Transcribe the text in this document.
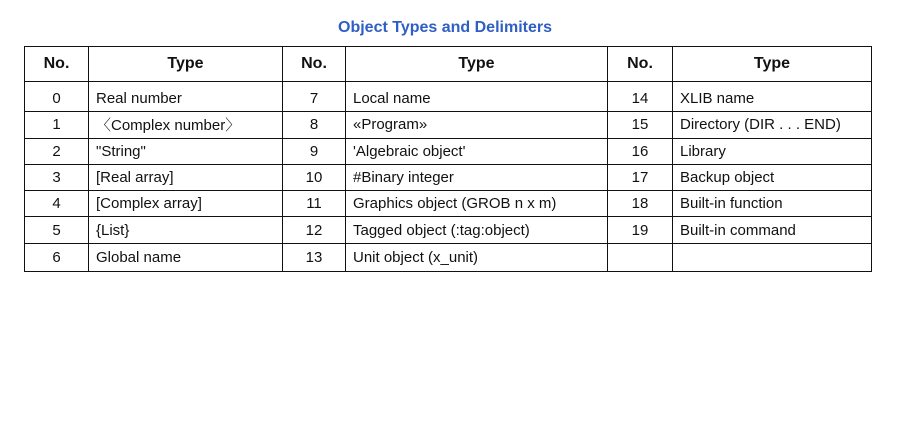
Object Types and Delimiters
No.	Type	No.	Type	No.	Type
0	Real number	7	Local name	14	XLIB name
1	〈Complex number〉	8	«Program»	15	Directory (DIR . . . END)
2	"String"	9	'Algebraic object'	16	Library
3	[Real array]	10	#Binary integer	17	Backup object
4	[Complex array]	11	Graphics object (GROB n x m)	18	Built-in function
5	{List}	12	Tagged object (:tag:object)	19	Built-in command
6	Global name	13	Unit object (x_unit)		
